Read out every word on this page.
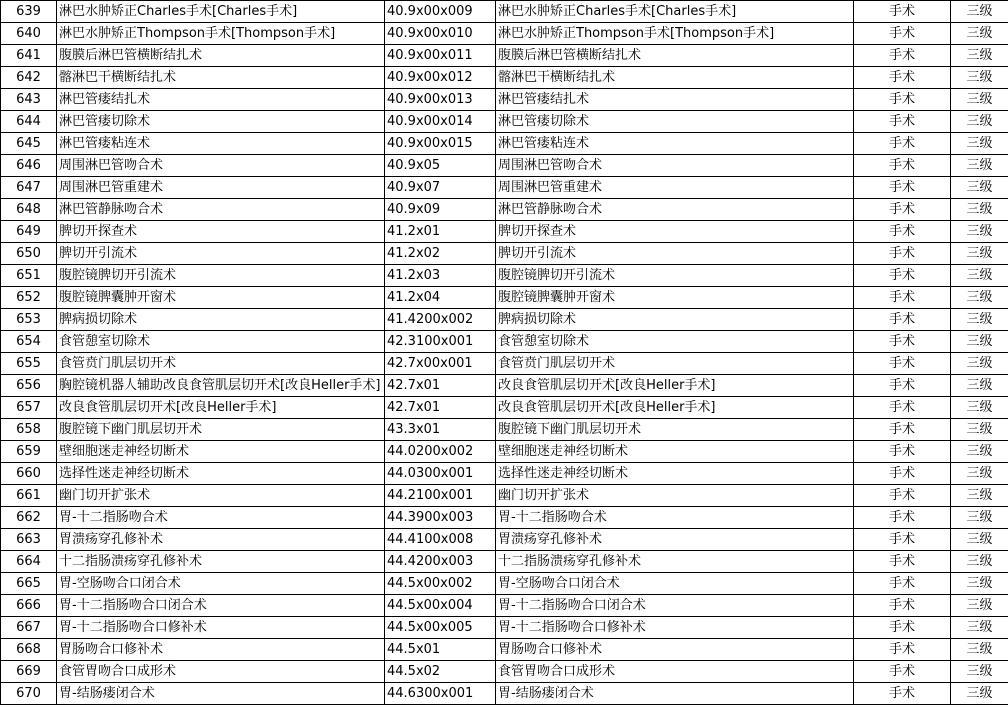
639	淋巴水肿矫正Charles手术[Charles手术]	40.9x00x009	淋巴水肿矫正Charles手术[Charles手术]	手术	三级
640	淋巴水肿矫正Thompson手术[Thompson手术]	40.9x00x010	淋巴水肿矫正Thompson手术[Thompson手术]	手术	三级
641	腹膜后淋巴管横断结扎术	40.9x00x011	腹膜后淋巴管横断结扎术	手术	三级
642	髂淋巴干横断结扎术	40.9x00x012	髂淋巴干横断结扎术	手术	三级
643	淋巴管瘘结扎术	40.9x00x013	淋巴管瘘结扎术	手术	三级
644	淋巴管瘘切除术	40.9x00x014	淋巴管瘘切除术	手术	三级
645	淋巴管瘘粘连术	40.9x00x015	淋巴管瘘粘连术	手术	三级
646	周围淋巴管吻合术	40.9x05	周围淋巴管吻合术	手术	三级
647	周围淋巴管重建术	40.9x07	周围淋巴管重建术	手术	三级
648	淋巴管静脉吻合术	40.9x09	淋巴管静脉吻合术	手术	三级
649	脾切开探查术	41.2x01	脾切开探查术	手术	三级
650	脾切开引流术	41.2x02	脾切开引流术	手术	三级
651	腹腔镜脾切开引流术	41.2x03	腹腔镜脾切开引流术	手术	三级
652	腹腔镜脾囊肿开窗术	41.2x04	腹腔镜脾囊肿开窗术	手术	三级
653	脾病损切除术	41.4200x002	脾病损切除术	手术	三级
654	食管憩室切除术	42.3100x001	食管憩室切除术	手术	三级
655	食管贲门肌层切开术	42.7x00x001	食管贲门肌层切开术	手术	三级
656	胸腔镜机器人辅助改良食管肌层切开术[改良Heller手术]	42.7x01	改良食管肌层切开术[改良Heller手术]	手术	三级
657	改良食管肌层切开术[改良Heller手术]	42.7x01	改良食管肌层切开术[改良Heller手术]	手术	三级
658	腹腔镜下幽门肌层切开术	43.3x01	腹腔镜下幽门肌层切开术	手术	三级
659	壁细胞迷走神经切断术	44.0200x002	壁细胞迷走神经切断术	手术	三级
660	选择性迷走神经切断术	44.0300x001	选择性迷走神经切断术	手术	三级
661	幽门切开扩张术	44.2100x001	幽门切开扩张术	手术	三级
662	胃-十二指肠吻合术	44.3900x003	胃-十二指肠吻合术	手术	三级
663	胃溃疡穿孔修补术	44.4100x008	胃溃疡穿孔修补术	手术	三级
664	十二指肠溃疡穿孔修补术	44.4200x003	十二指肠溃疡穿孔修补术	手术	三级
665	胃-空肠吻合口闭合术	44.5x00x002	胃-空肠吻合口闭合术	手术	三级
666	胃-十二指肠吻合口闭合术	44.5x00x004	胃-十二指肠吻合口闭合术	手术	三级
667	胃-十二指肠吻合口修补术	44.5x00x005	胃-十二指肠吻合口修补术	手术	三级
668	胃肠吻合口修补术	44.5x01	胃肠吻合口修补术	手术	三级
669	食管胃吻合口成形术	44.5x02	食管胃吻合口成形术	手术	三级
670	胃-结肠瘘闭合术	44.6300x001	胃-结肠瘘闭合术	手术	三级
